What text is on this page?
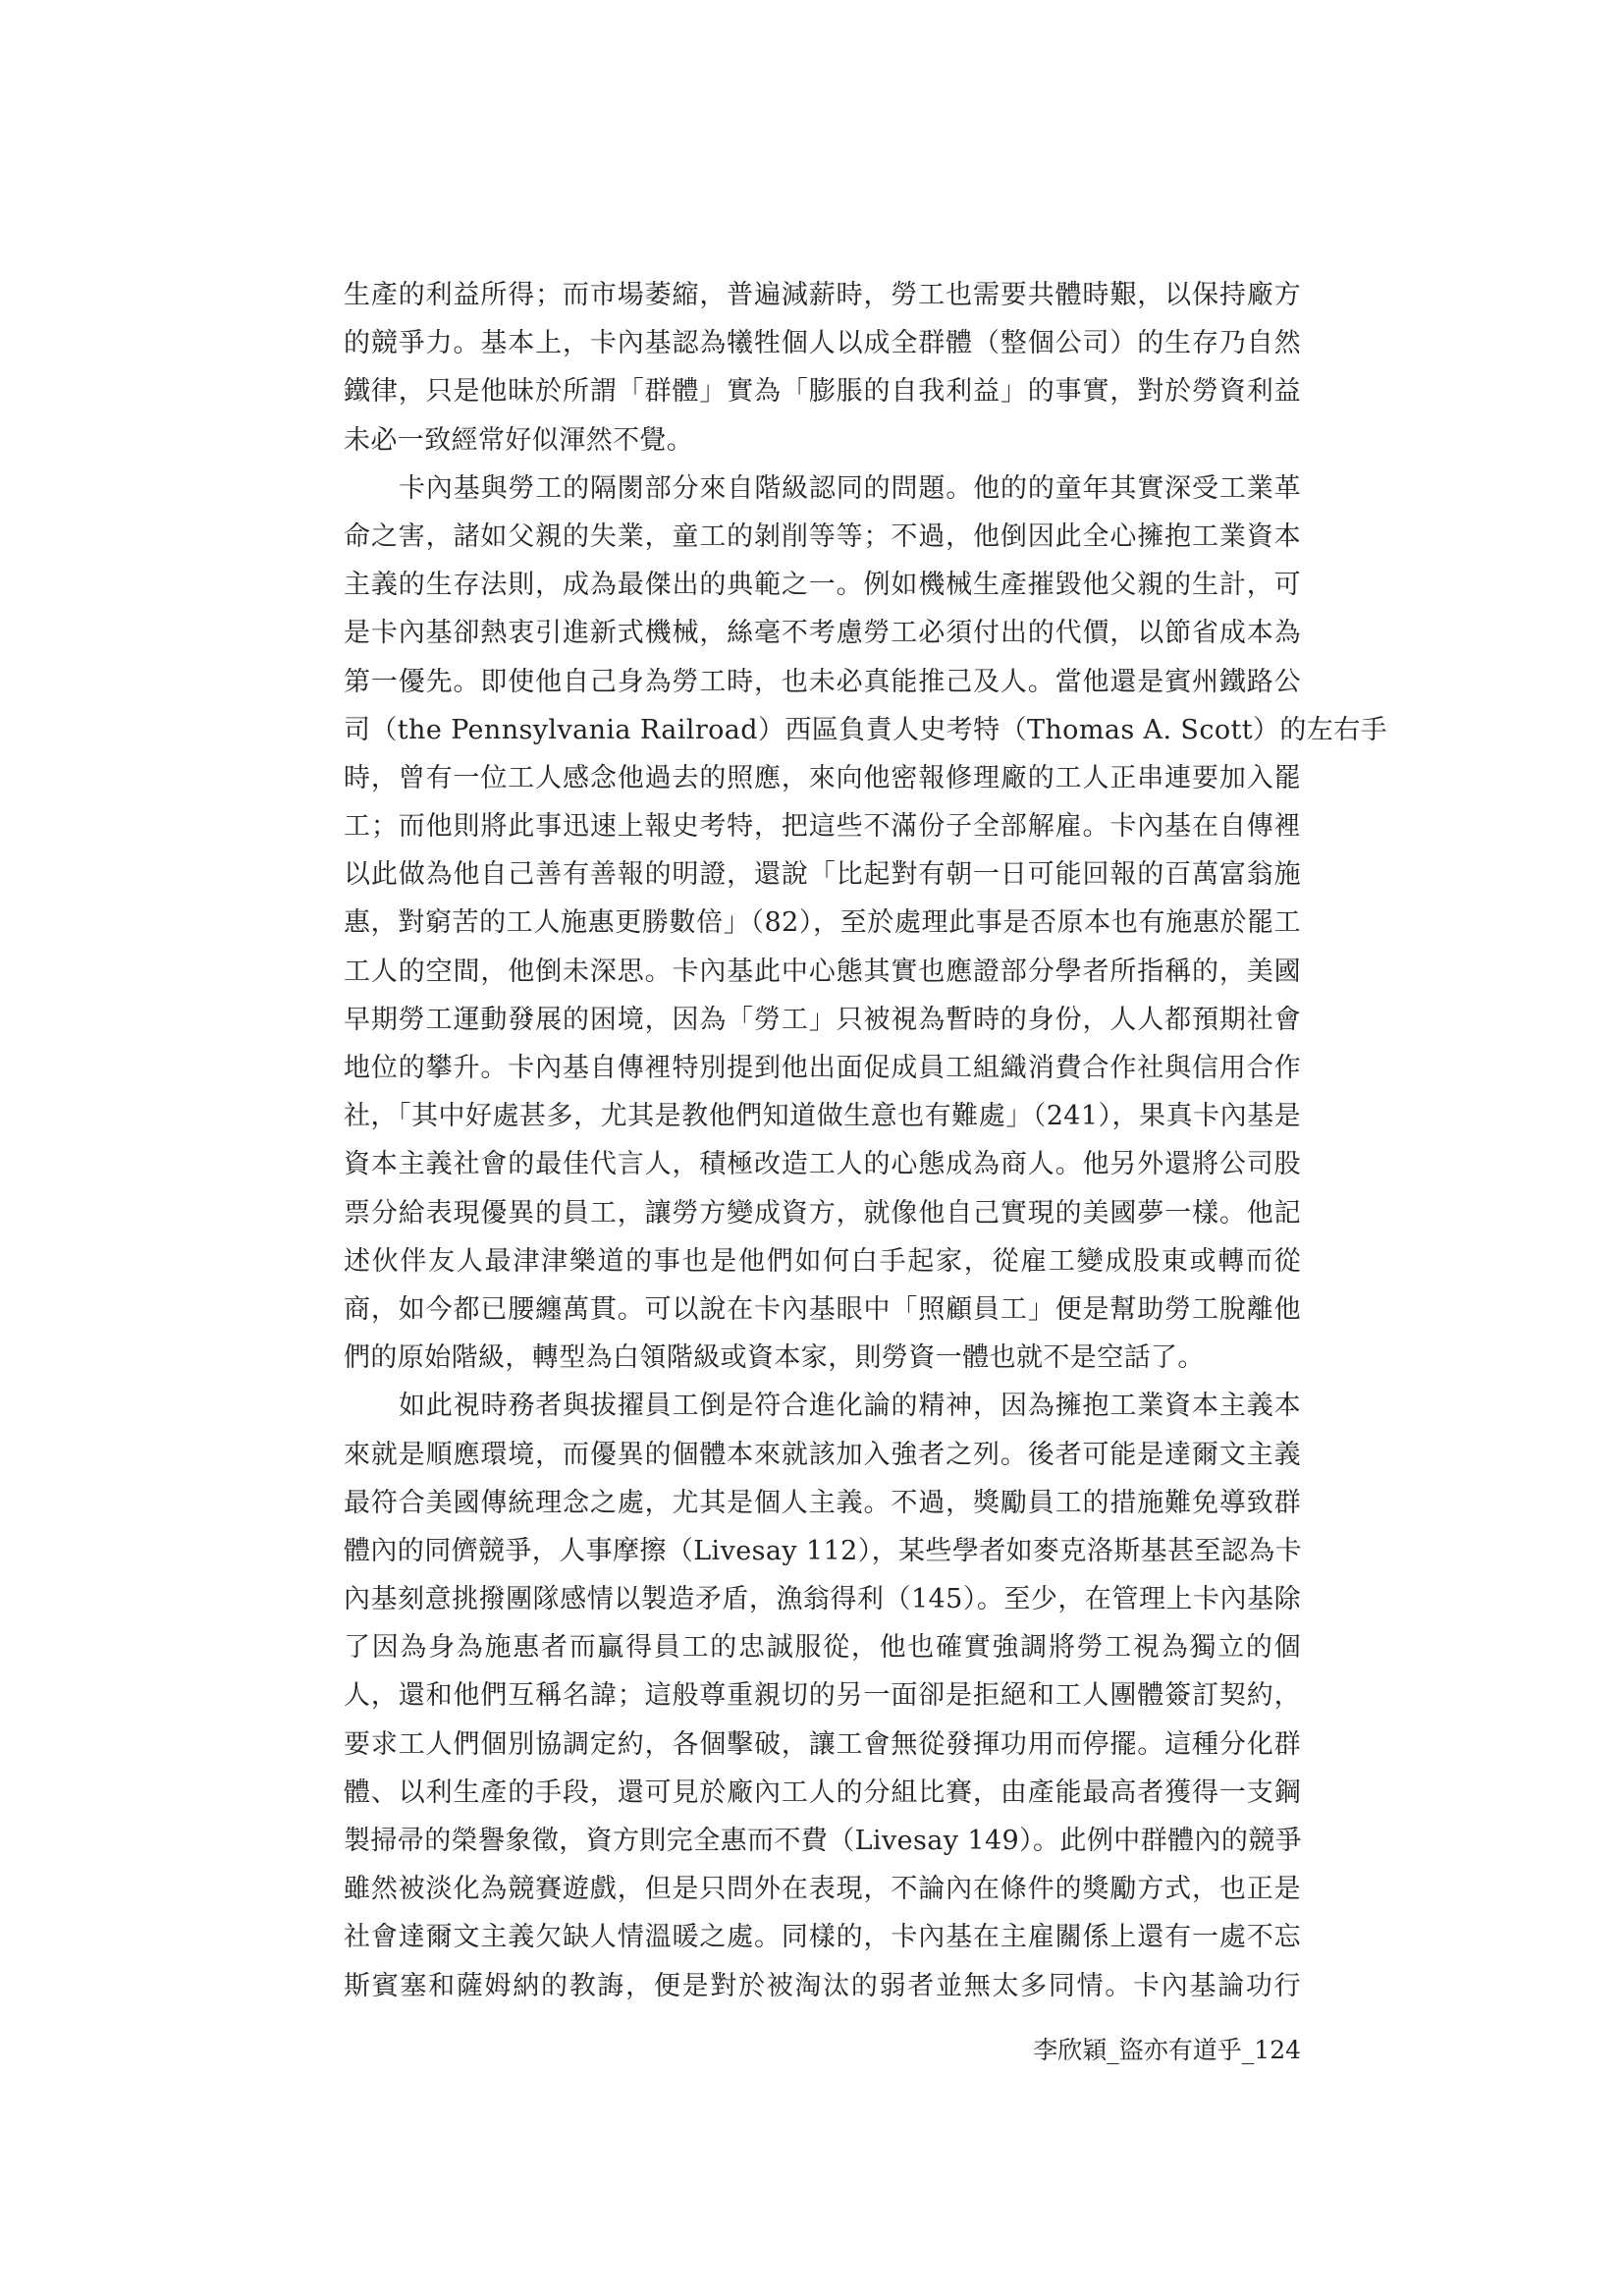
生產的利益所得；而市場萎縮，普遍減薪時，勞工也需要共體時艱，以保持廠方
的競爭力。基本上，卡內基認為犧牲個人以成全群體（整個公司）的生存乃自然
鐵律，只是他昧於所謂「群體」實為「膨脹的自我利益」的事實，對於勞資利益
未必一致經常好似渾然不覺。
卡內基與勞工的隔閡部分來自階級認同的問題。他的的童年其實深受工業革
命之害，諸如父親的失業，童工的剝削等等；不過，他倒因此全心擁抱工業資本
主義的生存法則，成為最傑出的典範之一。例如機械生產摧毀他父親的生計，可
是卡內基卻熱衷引進新式機械，絲毫不考慮勞工必須付出的代價，以節省成本為
第一優先。即使他自己身為勞工時，也未必真能推己及人。當他還是賓州鐵路公
司（the Pennsylvania Railroad）西區負責人史考特（Thomas A. Scott）的左右手
時，曾有一位工人感念他過去的照應，來向他密報修理廠的工人正串連要加入罷
工；而他則將此事迅速上報史考特，把這些不滿份子全部解雇。卡內基在自傳裡
以此做為他自己善有善報的明證，還說「比起對有朝一日可能回報的百萬富翁施
惠，對窮苦的工人施惠更勝數倍」（82），至於處理此事是否原本也有施惠於罷工
工人的空間，他倒未深思。卡內基此中心態其實也應證部分學者所指稱的，美國
早期勞工運動發展的困境，因為「勞工」只被視為暫時的身份，人人都預期社會
地位的攀升。卡內基自傳裡特別提到他出面促成員工組織消費合作社與信用合作
社，「其中好處甚多，尤其是教他們知道做生意也有難處」（241），果真卡內基是
資本主義社會的最佳代言人，積極改造工人的心態成為商人。他另外還將公司股
票分給表現優異的員工，讓勞方變成資方，就像他自己實現的美國夢一樣。他記
述伙伴友人最津津樂道的事也是他們如何白手起家，從雇工變成股東或轉而從
商，如今都已腰纏萬貫。可以說在卡內基眼中「照顧員工」便是幫助勞工脫離他
們的原始階級，轉型為白領階級或資本家，則勞資一體也就不是空話了。
如此視時務者與拔擢員工倒是符合進化論的精神，因為擁抱工業資本主義本
來就是順應環境，而優異的個體本來就該加入強者之列。後者可能是達爾文主義
最符合美國傳統理念之處，尤其是個人主義。不過，獎勵員工的措施難免導致群
體內的同儕競爭，人事摩擦（Livesay 112），某些學者如麥克洛斯基甚至認為卡
內基刻意挑撥團隊感情以製造矛盾，漁翁得利（145）。至少，在管理上卡內基除
了因為身為施惠者而贏得員工的忠誠服從，他也確實強調將勞工視為獨立的個
人，還和他們互稱名諱；這般尊重親切的另一面卻是拒絕和工人團體簽訂契約，
要求工人們個別協調定約，各個擊破，讓工會無從發揮功用而停擺。這種分化群
體、以利生產的手段，還可見於廠內工人的分組比賽，由產能最高者獲得一支鋼
製掃帚的榮譽象徵，資方則完全惠而不費（Livesay 149）。此例中群體內的競爭
雖然被淡化為競賽遊戲，但是只問外在表現，不論內在條件的獎勵方式，也正是
社會達爾文主義欠缺人情溫暖之處。同樣的，卡內基在主雇關係上還有一處不忘
斯賓塞和薩姆納的教誨，便是對於被淘汰的弱者並無太多同情。卡內基論功行
李欣穎_盜亦有道乎_124
